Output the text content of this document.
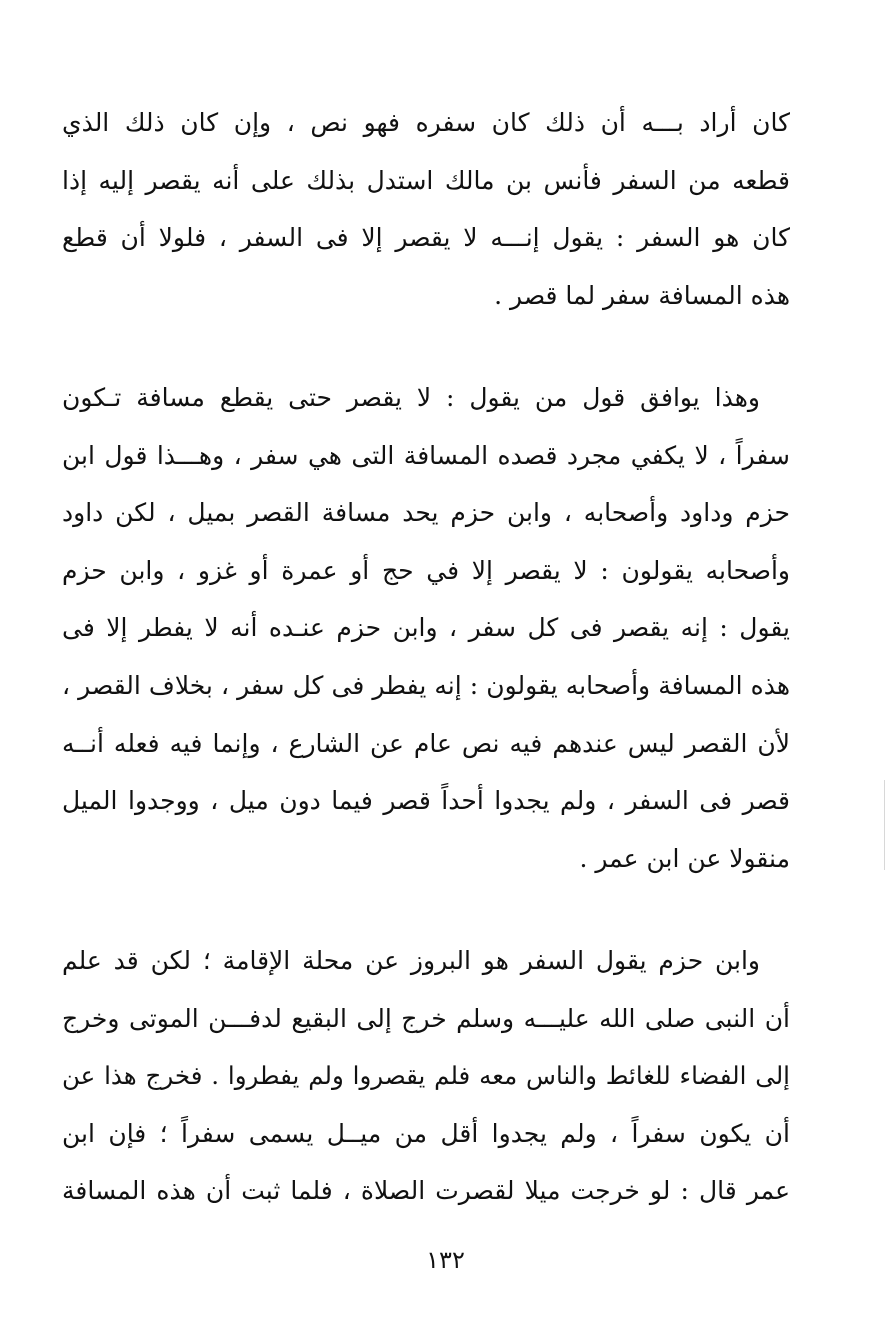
كان أراد بـــه أن ذلك كان سفره فهو نص ، وإن كان ذلك الذي
قطعه من السفر فأنس بن مالك استدل بذلك على أنه يقصر إليه إذا
كان هو السفر : يقول إنـــه لا يقصر إلا فى السفر ، فلولا أن قطع
هذه المسافة سفر لما قصر .
وهذا يوافق قول من يقول : لا يقصر حتى يقطع مسافة تـكون
سفراً ، لا يكفي مجرد قصده المسافة التى هي سفر ، وهـــذا قول ابن
حزم وداود وأصحابه ، وابن حزم يحد مسافة القصر بميل ، لكن داود
وأصحابه يقولون : لا يقصر إلا في حج أو عمرة أو غزو ، وابن حزم
يقول : إنه يقصر فى كل سفر ، وابن حزم عنـده أنه لا يفطر إلا فى
هذه المسافة وأصحابه يقولون : إنه يفطر فى كل سفر ، بخلاف القصر ،
لأن القصر ليس عندهم فيه نص عام عن الشارع ، وإنما فيه فعله أنــه
قصر فى السفر ، ولم يجدوا أحداً قصر فيما دون ميل ، ووجدوا الميل
منقولا عن ابن عمر .
وابن حزم يقول السفر هو البروز عن محلة الإقامة ؛ لكن قد علم
أن النبى صلى الله عليـــه وسلم خرج إلى البقيع لدفـــن الموتى وخرج
إلى الفضاء للغائط والناس معه فلم يقصروا ولم يفطروا . فخرج هذا عن
أن يكون سفراً ، ولم يجدوا أقل من ميــل يسمى سفراً ؛ فإن ابن
عمر قال : لو خرجت ميلا لقصرت الصلاة ، فلما ثبت أن هذه المسافة
١٣٢
